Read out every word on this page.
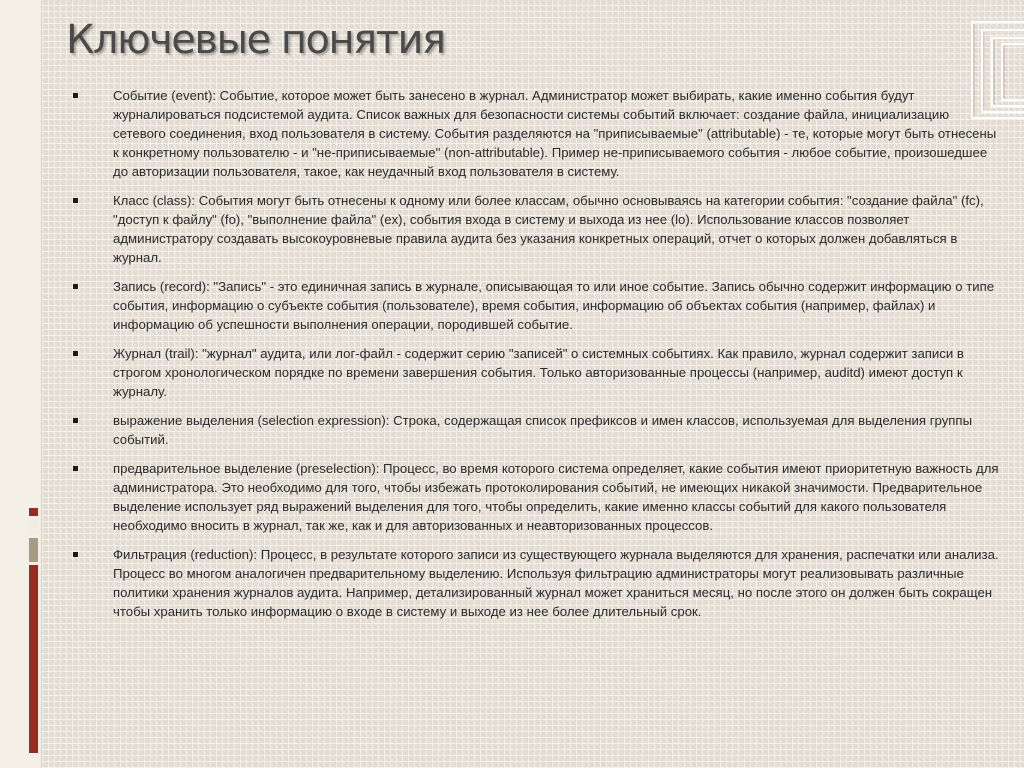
Ключевые понятия
Событие (event): Событие, которое может быть занесено в журнал. Администратор может выбирать, какие именно события будут журналироваться подсистемой аудита. Список важных для безопасности системы событий включает: создание файла, инициализацию сетевого соединения, вход пользователя в систему. События разделяются на "приписываемые" (attributable) - те, которые могут быть отнесены к конкретному пользователю - и "не-приписываемые" (non-attributable). Пример не-приписываемого события - любое событие, произошедшее до авторизации пользователя, такое, как неудачный вход пользователя в систему.
Класс (class): События могут быть отнесены к одному или более классам, обычно основываясь на категории события: "создание файла" (fc), "доступ к файлу" (fo), "выполнение файла" (ex), события входа в систему и выхода из нее (lo). Использование классов позволяет администратору создавать высокоуровневые правила аудита без указания конкретных операций, отчет о которых должен добавляться в журнал.
Запись (record): "Запись" - это единичная запись в журнале, описывающая то или иное событие. Запись обычно содержит информацию о типе события, информацию о субъекте события (пользователе), время события, информацию об объектах события (например, файлах) и информацию об успешности выполнения операции, породившей событие.
Журнал (trail): "журнал" аудита, или лог-файл - содержит серию "записей" о системных событиях. Как правило, журнал содержит записи в строгом хронологическом порядке по времени завершения события. Только авторизованные процессы (например, auditd) имеют доступ к журналу.
выражение выделения (selection expression): Строка, содержащая список префиксов и имен классов, используемая для выделения группы событий.
предварительное выделение (preselection): Процесс, во время которого система определяет, какие события имеют приоритетную важность для администратора. Это необходимо для того, чтобы избежать протоколирования событий, не имеющих никакой значимости. Предварительное выделение использует ряд выражений выделения для того, чтобы определить, какие именно классы событий для какого пользователя необходимо вносить в журнал, так же, как и для авторизованных и неавторизованных процессов.
Фильтрация (reduction): Процесс, в результате которого записи из существующего журнала выделяются для хранения, распечатки или анализа. Процесс во многом аналогичен предварительному выделению. Используя фильтрацию администраторы могут реализовывать различные политики хранения журналов аудита. Например, детализированный журнал может храниться месяц, но после этого он должен быть сокращен чтобы хранить только информацию о входе в систему и выходе из нее более длительный срок.
